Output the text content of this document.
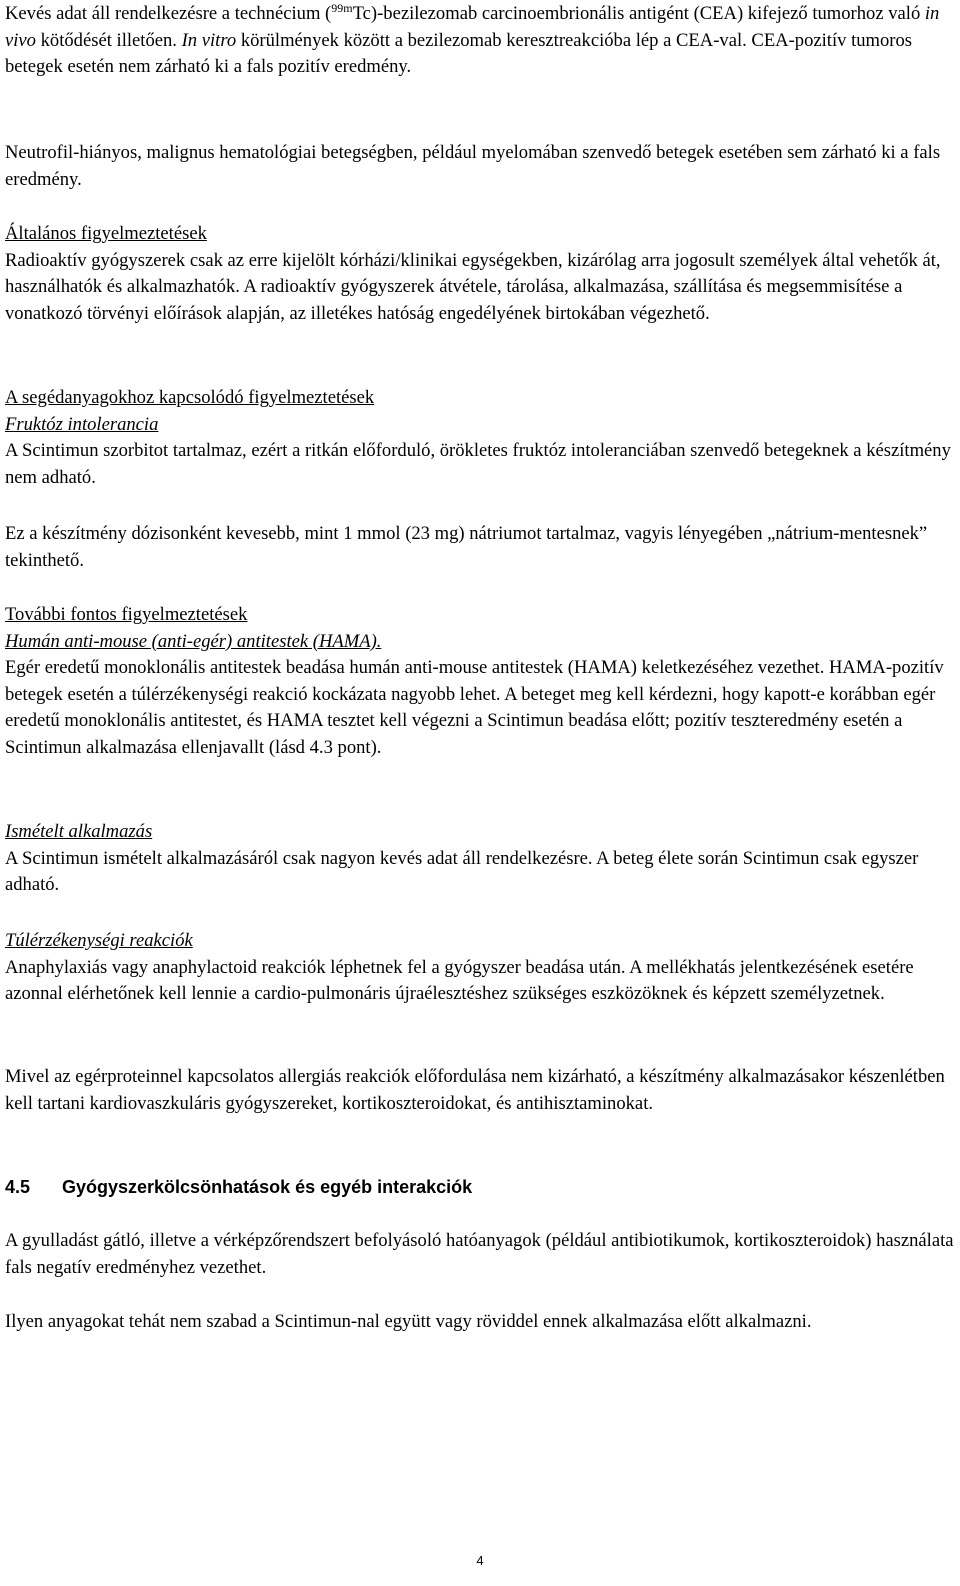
Kevés adat áll rendelkezésre a technécium ($^{99m}$Tc)-bezilezomab carcinoembrionális antigént (CEA) kifejező tumorhoz való in vivo kötődését illetően. In vitro körülmények között a bezilezomab keresztreakcióba lép a CEA-val. CEA-pozitív tumoros betegek esetén nem zárható ki a fals pozitív eredmény.

Neutrofil-hiányos, malignus hematológiai betegségben, például myelomában szenvedő betegek esetében sem zárható ki a fals eredmény.

Általános figyelmeztetések
Radioaktív gyógyszerek csak az erre kijelölt kórházi/klinikai egységekben, kizárólag arra jogosult személyek által vehetők át, használhatók és alkalmazhatók. A radioaktív gyógyszerek átvétele, tárolása, alkalmazása, szállítása és megsemmisítése a vonatkozó törvényi előírások alapján, az illetékes hatóság engedélyének birtokában végezhető.

A segédanyagokhoz kapcsolódó figyelmeztetések
Fruktóz intolerancia
A Scintimun szorbitot tartalmaz, ezért a ritkán előforduló, örökletes fruktóz intoleranciában szenvedő betegeknek a készítmény nem adható.

Ez a készítmény dózisonként kevesebb, mint 1 mmol (23 mg) nátriumot tartalmaz, vagyis lényegében „nátrium-mentesnek” tekinthető.

További fontos figyelmeztetések
Humán anti-mouse (anti-egér) antitestek (HAMA).
Egér eredetű monoklonális antitestek beadása humán anti-mouse antitestek (HAMA) keletkezéséhez vezethet. HAMA-pozitív betegek esetén a túlérzékenységi reakció kockázata nagyobb lehet. A beteget meg kell kérdezni, hogy kapott-e korábban egér eredetű monoklonális antitestet, és HAMA tesztet kell végezni a Scintimun beadása előtt; pozitív teszteredmény esetén a Scintimun alkalmazása ellenjavallt (lásd 4.3 pont).

Ismételt alkalmazás
A Scintimun ismételt alkalmazásáról csak nagyon kevés adat áll rendelkezésre. A beteg élete során Scintimun csak egyszer adható.

Túlérzékenységi reakciók
Anaphylaxiás vagy anaphylactoid reakciók léphetnek fel a gyógyszer beadása után. A mellékhatás jelentkezésének esetére azonnal elérhetőnek kell lennie a cardio-pulmonáris újraélesztéshez szükséges eszközöknek és képzett személyzetnek.

Mivel az egérproteinnel kapcsolatos allergiás reakciók előfordulása nem kizárható, a készítmény alkalmazásakor készenlétben kell tartani kardiovaszkuláris gyógyszereket, kortikoszteroidokat, és antihisztaminokat.

4.5 Gyógyszerkölcsönhatások és egyéb interakciók

A gyulladást gátló, illetve a vérképzőrendszert befolyásoló hatóanyagok (például antibiotikumok, kortikoszteroidok) használata fals negatív eredményhez vezethet.

Ilyen anyagokat tehát nem szabad a Scintimun-nal együtt vagy röviddel ennek alkalmazása előtt alkalmazni.

4
